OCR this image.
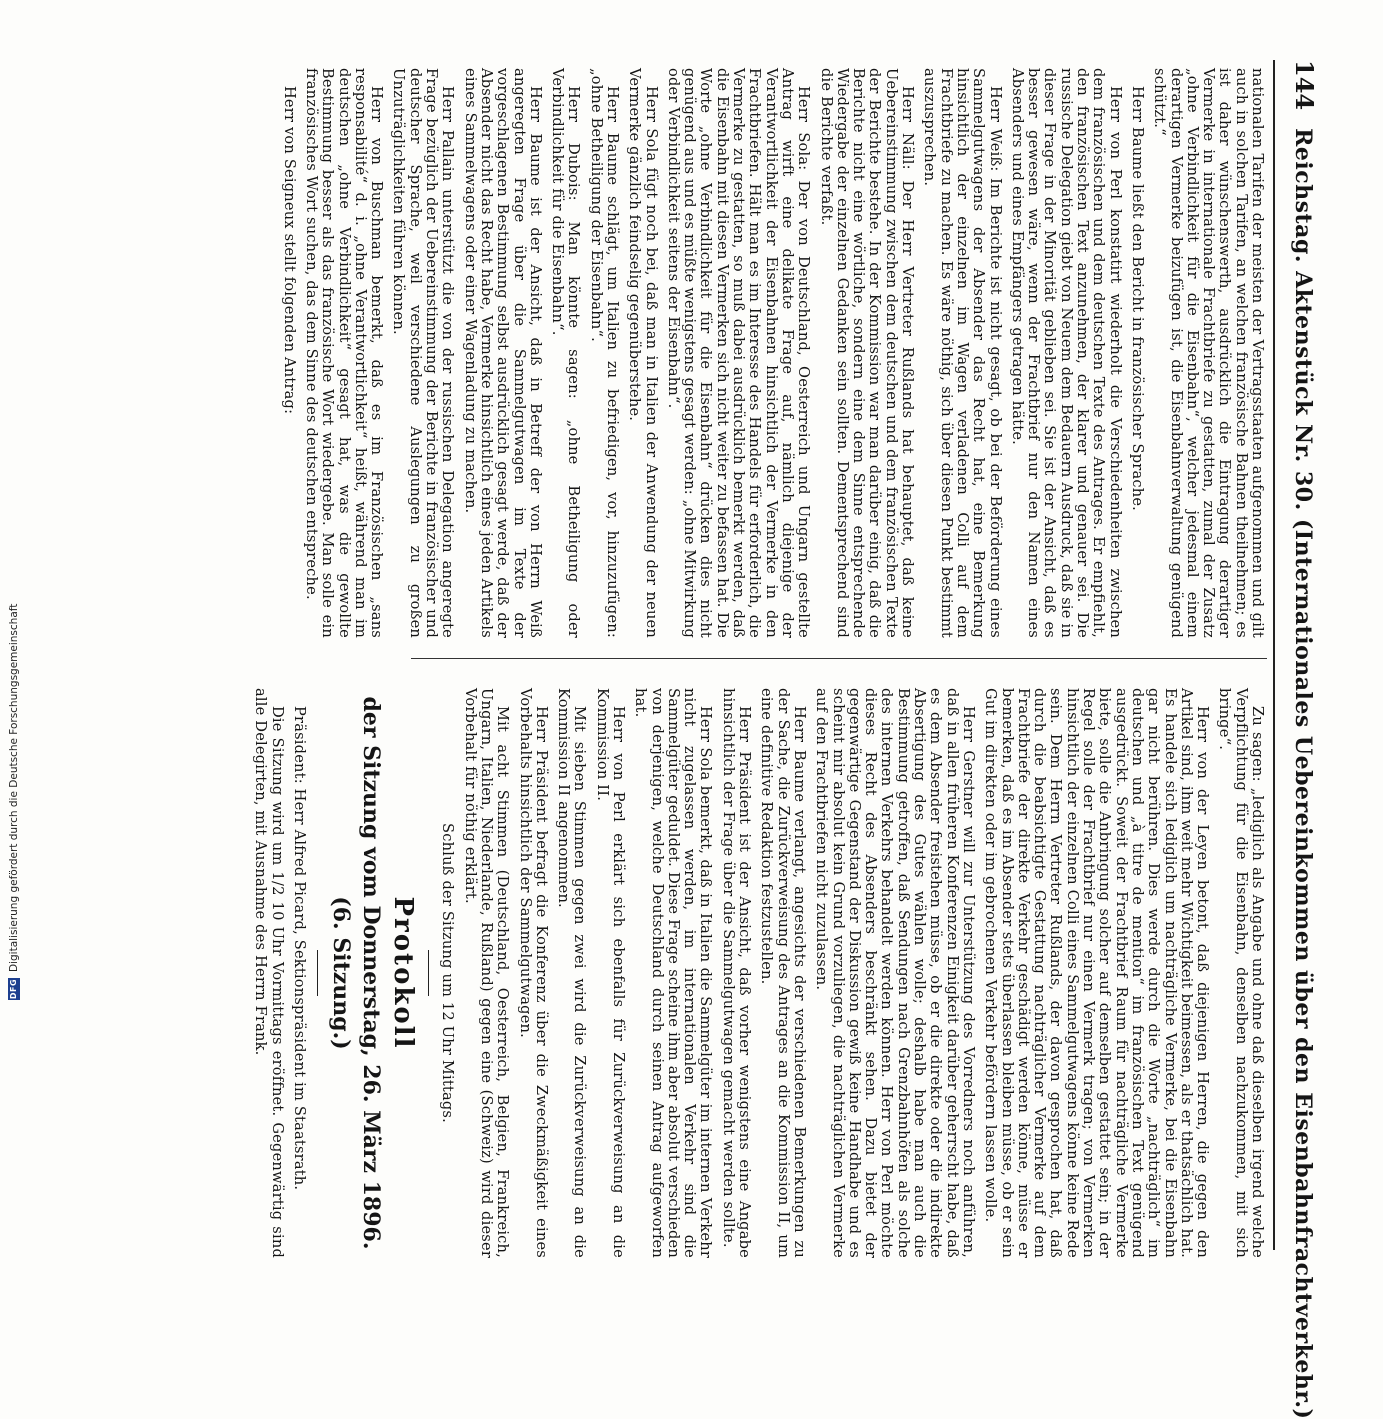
144
Reichstag. Aktenstück Nr. 30. (Internationales Uebereinkommen über den Eisenbahnfrachtverkehr.)

nationalen Tarifen der meisten der Vertragsstaaten aufgenommen und gilt auch in solchen Tarifen, an welchen französische Bahnen theilnehmen; es ist daher wünschenswerth, ausdrücklich die Eintragung derartiger Vermerke in internationale Frachtbriefe zu gestatten, zumal der Zusatz „ohne Verbindlichkeit für die Eisenbahn“, welcher jedesmal einem derartigen Vermerke beizufügen ist, die Eisenbahnverwaltung genügend schützt.“

Herr Baume ließt den Bericht in französischer Sprache.

Herr von Perl konstatirt wiederholt die Verschiedenheiten zwischen dem französischen und dem deutschen Texte des Antrages. Er empfiehlt, den französischen Text anzunehmen, der klarer und genauer sei. Die russische Delegation giebt von Neuem dem Bedauern Ausdruck, daß sie in dieser Frage in der Minorität geblieben sei. Sie ist der Ansicht, daß es besser gewesen wäre, wenn der Frachtbrief nur den Namen eines Absenders und eines Empfängers getragen hätte.

Herr Weiß: Im Berichte ist nicht gesagt, ob bei der Beförderung eines Sammelgutwagens der Absender das Recht hat, eine Bemerkung hinsichtlich der einzelnen im Wagen verladenen Colli auf dem Frachtbriefe zu machen. Es wäre nöthig, sich über diesen Punkt bestimmt auszusprechen.

Herr Näll: Der Herr Vertreter Rußlands hat behauptet, daß keine Uebereinstimmung zwischen dem deutschen und dem französischen Texte der Berichte bestehe. In der Kommission war man darüber einig, daß die Berichte nicht eine wörtliche, sondern eine dem Sinne entsprechende Wiedergabe der einzelnen Gedanken sein sollten. Dementsprechend sind die Berichte verfaßt.

Herr Sola: Der von Deutschland, Oesterreich und Ungarn gestellte Antrag wirft eine delikate Frage auf, nämlich diejenige der Verantwortlichkeit der Eisenbahnen hinsichtlich der Vermerke in den Frachtbriefen. Hält man es im Interesse des Handels für erforderlich, die Vermerke zu gestatten, so muß dabei ausdrücklich bemerkt werden, daß die Eisenbahn mit diesen Vermerken sich nicht weiter zu befassen hat. Die Worte „ohne Verbindlichkeit für die Eisenbahn“ drücken dies nicht genügend aus und es müßte wenigstens gesagt werden: „ohne Mitwirkung oder Verbindlichkeit seitens der Eisenbahn“.

Herr Sola fügt noch bei, daß man in Italien der Anwendung der neuen Vermerke gänzlich feindselig gegenüberstehe.

Herr Baume schlägt, um Italien zu befriedigen, vor, hinzuzufügen: „ohne Betheiligung der Eisenbahn“.

Herr Dubois: Man könnte sagen: „ohne Betheiligung oder Verbindlichkeit für die Eisenbahn“.

Herr Baume ist der Ansicht, daß in Betreff der von Herrn Weiß angeregten Frage über die Sammelgutwagen im Texte der vorgeschlagenen Bestimmung selbst ausdrücklich gesagt werde, daß der Absender nicht das Recht habe, Vermerke hinsichtlich eines jeden Artikels eines Sammelwagens oder einer Wagenladung zu machen.

Herr Pallain unterstützt die von der russischen Delegation angeregte Frage bezüglich der Uebereinstimmung der Berichte in französischer und deutscher Sprache, weil verschiedene Auslegungen zu großen Unzuträglichkeiten führen können.

Herr von Buschman bemerkt, daß es im Französischen „sans responsabilité“ d. i. „ohne Verantwortlichkeit“ heißt, während man im deutschen „ohne Verbindlichkeit“ gesagt hat, was die gewollte Bestimmung besser als das französische Wort wiedergebe. Man solle ein französisches Wort suchen, das dem Sinne des deutschen entspreche.

Herr von Seigneux stellt folgenden Antrag:

Zu sagen: „lediglich als Angabe und ohne daß dieselben irgend welche Verpflichtung für die Eisenbahn, denselben nachzukommen, mit sich bringe“.

Herr von der Leyen betont, daß diejenigen Herren, die gegen den Artikel sind, ihm weit mehr Wichtigkeit beimessen, als er thatsächlich hat. Es handele sich lediglich um nachträgliche Vermerke, bei die Eisenbahn gar nicht berühren. Dies werde durch die Worte „nachträglich“ im deutschen und „à titre de mention“ im französischen Text genügend ausgedrückt. Soweit der Frachtbrief Raum für nachträgliche Vermerke biete, solle die Anbringung solcher auf demselben gestattet sein; in der Regel solle der Frachtbrief nur einen Vermerk tragen; von Vermerken hinsichtlich der einzelnen Colli eines Sammelgutwagens könne keine Rede sein. Dem Herrn Vertreter Rußlands, der davon gesprochen hat, daß durch die beabsichtigte Gestattung nachträglicher Vermerke auf dem Frachtbriefe der direkte Verkehr geschädigt werden könne, müsse er bemerken, daß es im Absender stets überlassen bleiben müsse, ob er sein Gut im direkten oder im gebrochenen Verkehr befördern lassen wolle.

Herr Gerstner will zur Unterstützung des Vorredners noch anführen, daß in allen früheren Konferenzen Einigkeit darüber geherrscht habe, daß es dem Absender freistehen müsse, ob er die direkte oder die indirekte Absertigung des Gutes wählen wolle; deshalb habe man auch die Bestimmung getroffen, daß Sendungen nach Grenzbahnhöfen als solche des internen Verkehrs behandelt werden können. Herr von Perl möchte dieses Recht des Absenders beschränkt sehen. Dazu bietet der gegenwärtige Gegenstand der Diskussion gewiß keine Handhabe und es scheint mir absolut kein Grund vorzuliegen, die nachträglichen Vermerke auf den Frachtbriefen nicht zuzulassen.

Herr Baume verlangt, angesichts der verschiedenen Bemerkungen zu der Sache, die Zurückverweisung des Antrages an die Kommission II, um eine definitive Redaktion festzustellen.

Herr Präsident ist der Ansicht, daß vorher wenigstens eine Angabe hinsichtlich der Frage über die Sammelgutwagen gemacht werden sollte.

Herr Sola bemerkt, daß in Italien die Sammelgüter im internen Verkehr nicht zugelassen werden, im internationalen Verkehr sind die Sammelgüter geduldet. Diese Frage scheine ihm aber absolut verschieden von derjenigen, welche Deutschland durch seinen Antrag aufgeworfen hat.

Herr von Perl erklärt sich ebenfalls für Zurückverweisung an die Kommission II.

Mit sieben Stimmen gegen zwei wird die Zurückverweisung an die Kommission II angenommen.

Herr Präsident befragt die Konferenz über die Zweckmäßigkeit eines Vorbehalts hinsichtlich der Sammelgutwagen.

Mit acht Stimmen (Deutschland, Oesterreich, Belgien, Frankreich, Ungarn, Italien, Niederlande, Rußland) gegen eine (Schweiz) wird dieser Vorbehalt für nöthig erklärt.

Schluß der Sitzung um 12 Uhr Mittags.

Protokoll
der Sitzung vom Donnerstag, 26. März 1896.
(6. Sitzung.)

Präsident: Herr Alfred Picard, Sektionspräsident im Staatsrath.

Die Sitzung wird um 1/2 10 Uhr Vormittags eröffnet. Gegenwärtig sind alle Delegirten, mit Ausnahme des Herrn Frank.

DFG
Digitalisierung gefördert durch die Deutsche Forschungsgemeinschaft
